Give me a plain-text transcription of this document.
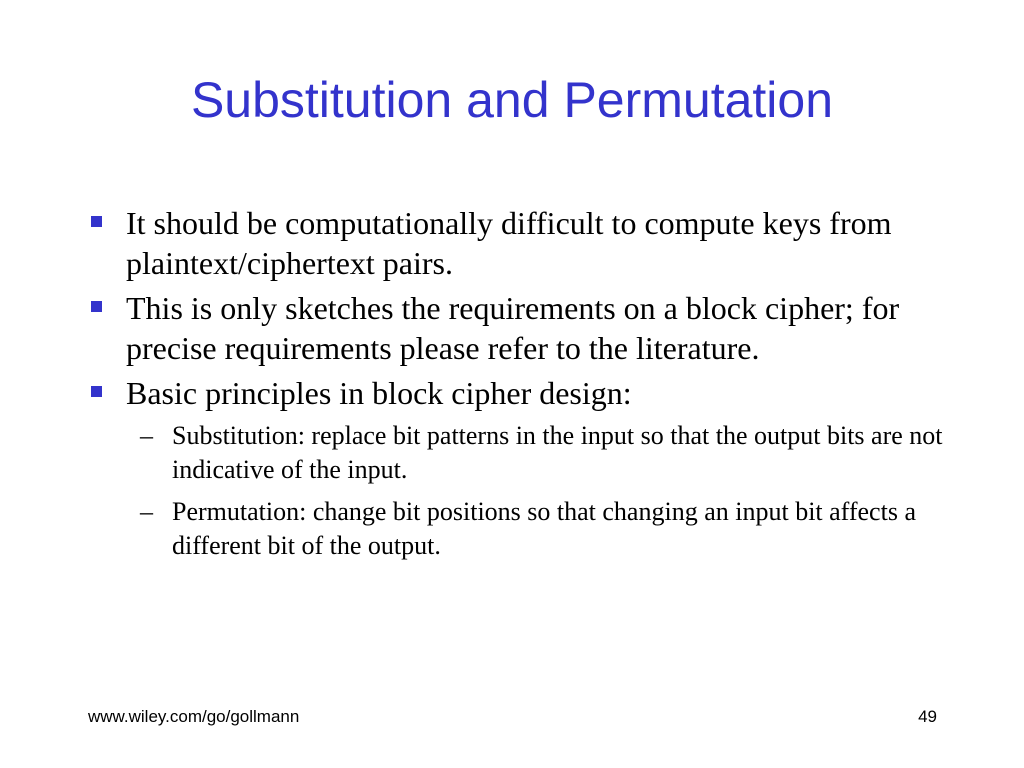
Substitution and Permutation
It should be computationally difficult to compute keys from plaintext/ciphertext pairs.
This is only sketches the requirements on a block cipher; for precise requirements please refer to the literature.
Basic principles in block cipher design:
– Substitution: replace bit patterns in the input so that the output bits are not indicative of the input.
– Permutation: change bit positions so that changing an input bit affects a different bit of the output.
www.wiley.com/go/gollmann	49
